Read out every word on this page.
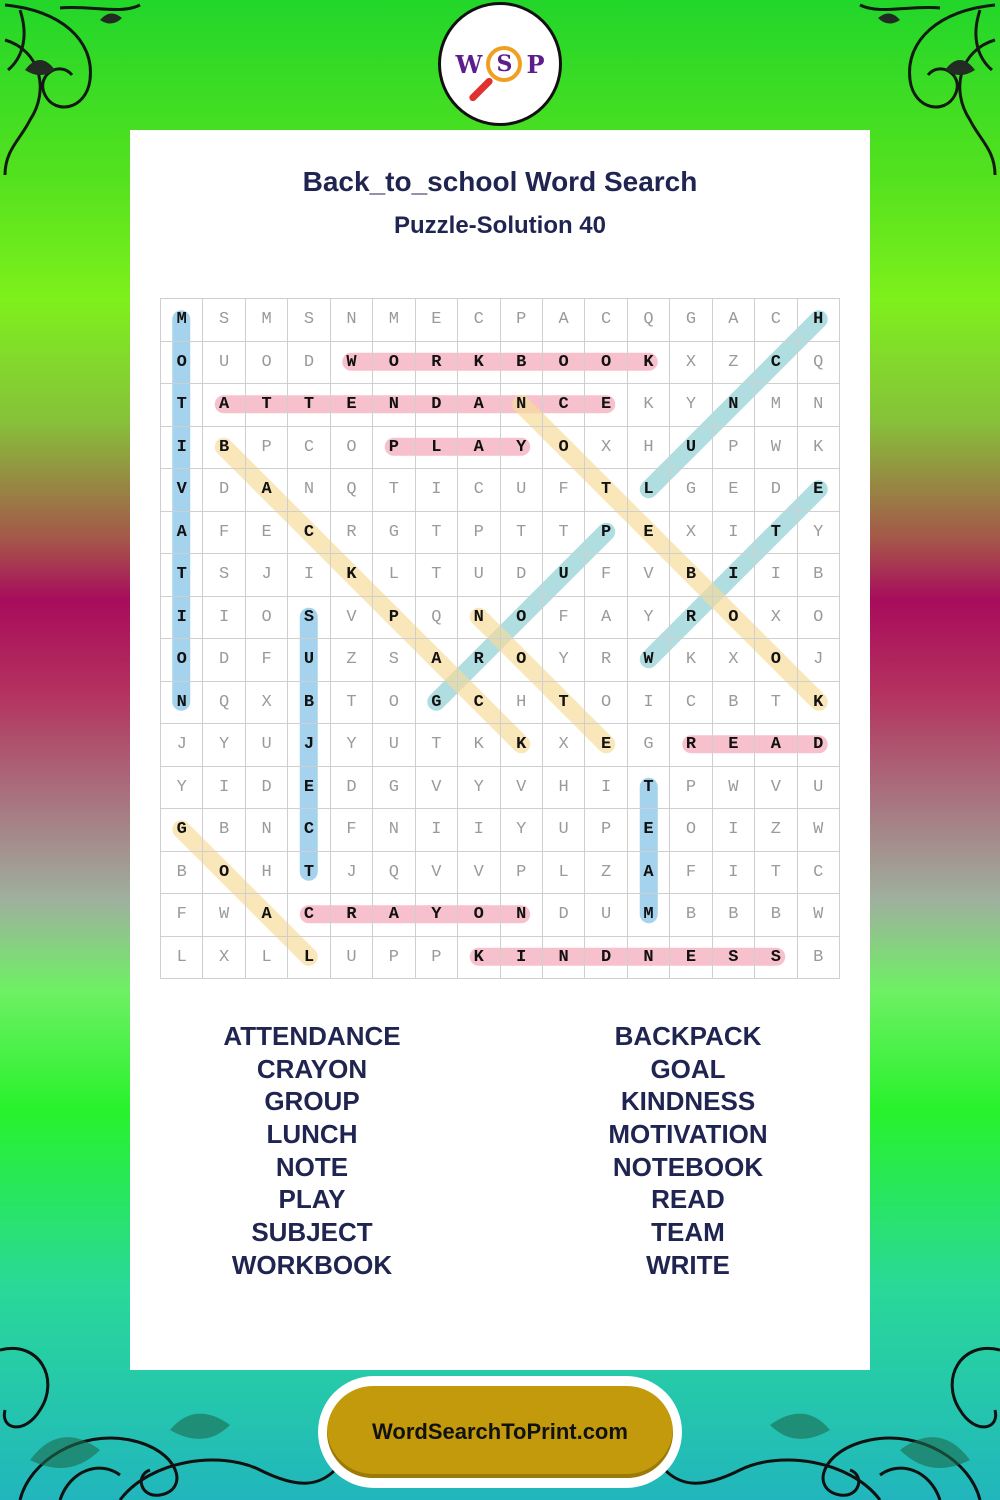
W S P
Back_to_school Word Search
Puzzle-Solution 40
M	S	M	S	N	M	E	C	P	A	C	Q	G	A	C	H
O	U	O	D	W	O	R	K	B	O	O	K	X	Z	C	Q
T	A	T	T	E	N	D	A	N	C	E	K	Y	N	M	N
I	B	P	C	O	P	L	A	Y	O	X	H	U	P	W	K
V	D	A	N	Q	T	I	C	U	F	T	L	G	E	D	E
A	F	E	C	R	G	T	P	T	T	P	E	X	I	T	Y
T	S	J	I	K	L	T	U	D	U	F	V	B	I	I	B
I	I	O	S	V	P	Q	N	O	F	A	Y	R	O	X	O
O	D	F	U	Z	S	A	R	O	Y	R	W	K	X	O	J
N	Q	X	B	T	O	G	C	H	T	O	I	C	B	T	K
J	Y	U	J	Y	U	T	K	K	X	E	G	R	E	A	D
Y	I	D	E	D	G	V	Y	V	H	I	T	P	W	V	U
G	B	N	C	F	N	I	I	Y	U	P	E	O	I	Z	W
B	O	H	T	J	Q	V	V	P	L	Z	A	F	I	T	C
F	W	A	C	R	A	Y	O	N	D	U	M	B	B	B	W
L	X	L	L	U	P	P	K	I	N	D	N	E	S	S	B
ATTENDANCE
CRAYON
GROUP
LUNCH
NOTE
PLAY
SUBJECT
WORKBOOK
BACKPACK
GOAL
KINDNESS
MOTIVATION
NOTEBOOK
READ
TEAM
WRITE
WordSearchToPrint.com
